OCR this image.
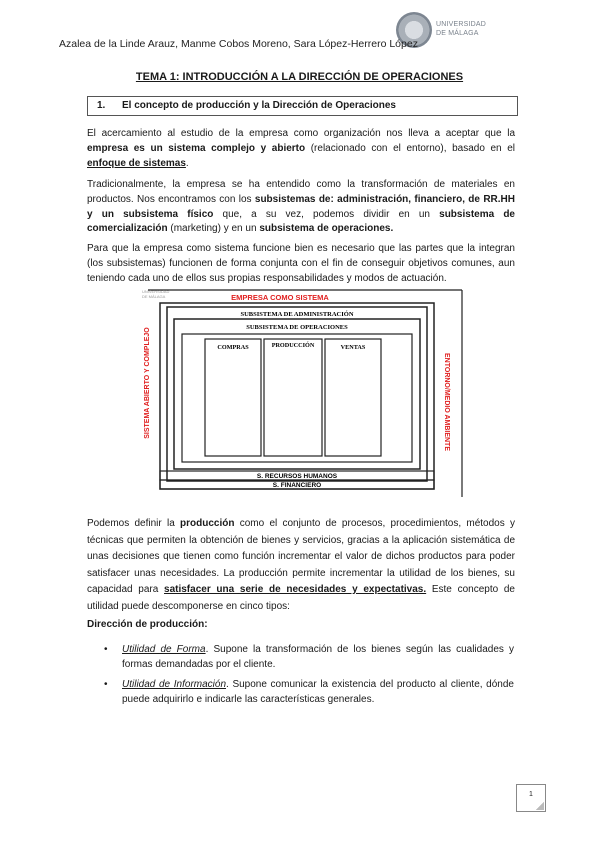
UNIVERSIDAD
DE MÁLAGA
Azalea de la Linde Arauz, Manme Cobos Moreno, Sara López-Herrero López
TEMA 1: INTRODUCCIÓN A LA DIRECCIÓN DE OPERACIONES
1. El concepto de producción y la Dirección de Operaciones
El acercamiento al estudio de la empresa como organización nos lleva a aceptar que la empresa es un sistema complejo y abierto (relacionado con el entorno), basado en el enfoque de sistemas.
Tradicionalmente, la empresa se ha entendido como la transformación de materiales en productos. Nos encontramos con los subsistemas de: administración, financiero, de RR.HH y un subsistema físico que, a su vez, podemos dividir en un subsistema de comercialización (marketing) y en un subsistema de operaciones.
Para que la empresa como sistema funcione bien es necesario que las partes que la integran (los subsistemas) funcionen de forma conjunta con el fin de conseguir objetivos comunes, aun teniendo cada uno de ellos sus propias responsabilidades y modos de actuación.
UNIVERSIDAD
DE MÁLAGA	EMPRESA COMO SISTEMA
SUBSISTEMA DE ADMINISTRACIÓN
SUBSISTEMA DE OPERACIONES
COMPRAS	PRODUCCIÓN	VENTAS
S. RECURSOS HUMANOS
S. FINANCIERO
SISTEMA ABIERTO Y COMPLEJO	ENTORNO/MEDIO AMBIENTE
Podemos definir la producción como el conjunto de procesos, procedimientos, métodos y técnicas que permiten la obtención de bienes y servicios, gracias a la aplicación sistemática de unas decisiones que tienen como función incrementar el valor de dichos productos para poder satisfacer unas necesidades. La producción permite incrementar la utilidad de los bienes, su capacidad para satisfacer una serie de necesidades y expectativas. Este concepto de utilidad puede descomponerse en cinco tipos:
Dirección de producción:
• Utilidad de Forma. Supone la transformación de los bienes según las cualidades y formas demandadas por el cliente.
• Utilidad de Información. Supone comunicar la existencia del producto al cliente, dónde puede adquirirlo e indicarle las características generales.
1
